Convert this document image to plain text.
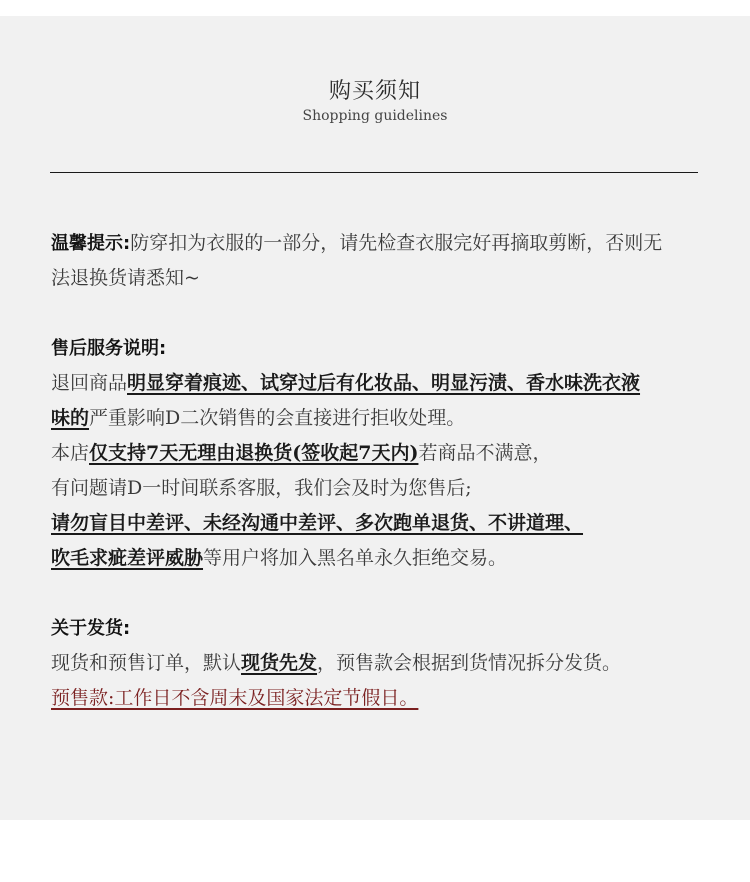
购买须知
Shopping guidelines
温馨提示:防穿扣为衣服的一部分，请先检查衣服完好再摘取剪断，否则无
法退换货请悉知~
售后服务说明:
退回商品明显穿着痕迹、试穿过后有化妆品、明显污渍、香水味洗衣液
味的严重影响D二次销售的会直接进行拒收处理。
本店仅支持7天无理由退换货(签收起7天内)若商品不满意，
有问题请D一时间联系客服，我们会及时为您售后;
请勿盲目中差评、未经沟通中差评、多次跑单退货、不讲道理、
吹毛求疵差评威胁等用户将加入黑名单永久拒绝交易。
关于发货:
现货和预售订单，默认现货先发，预售款会根据到货情况拆分发货。
预售款:工作日不含周末及国家法定节假日。
